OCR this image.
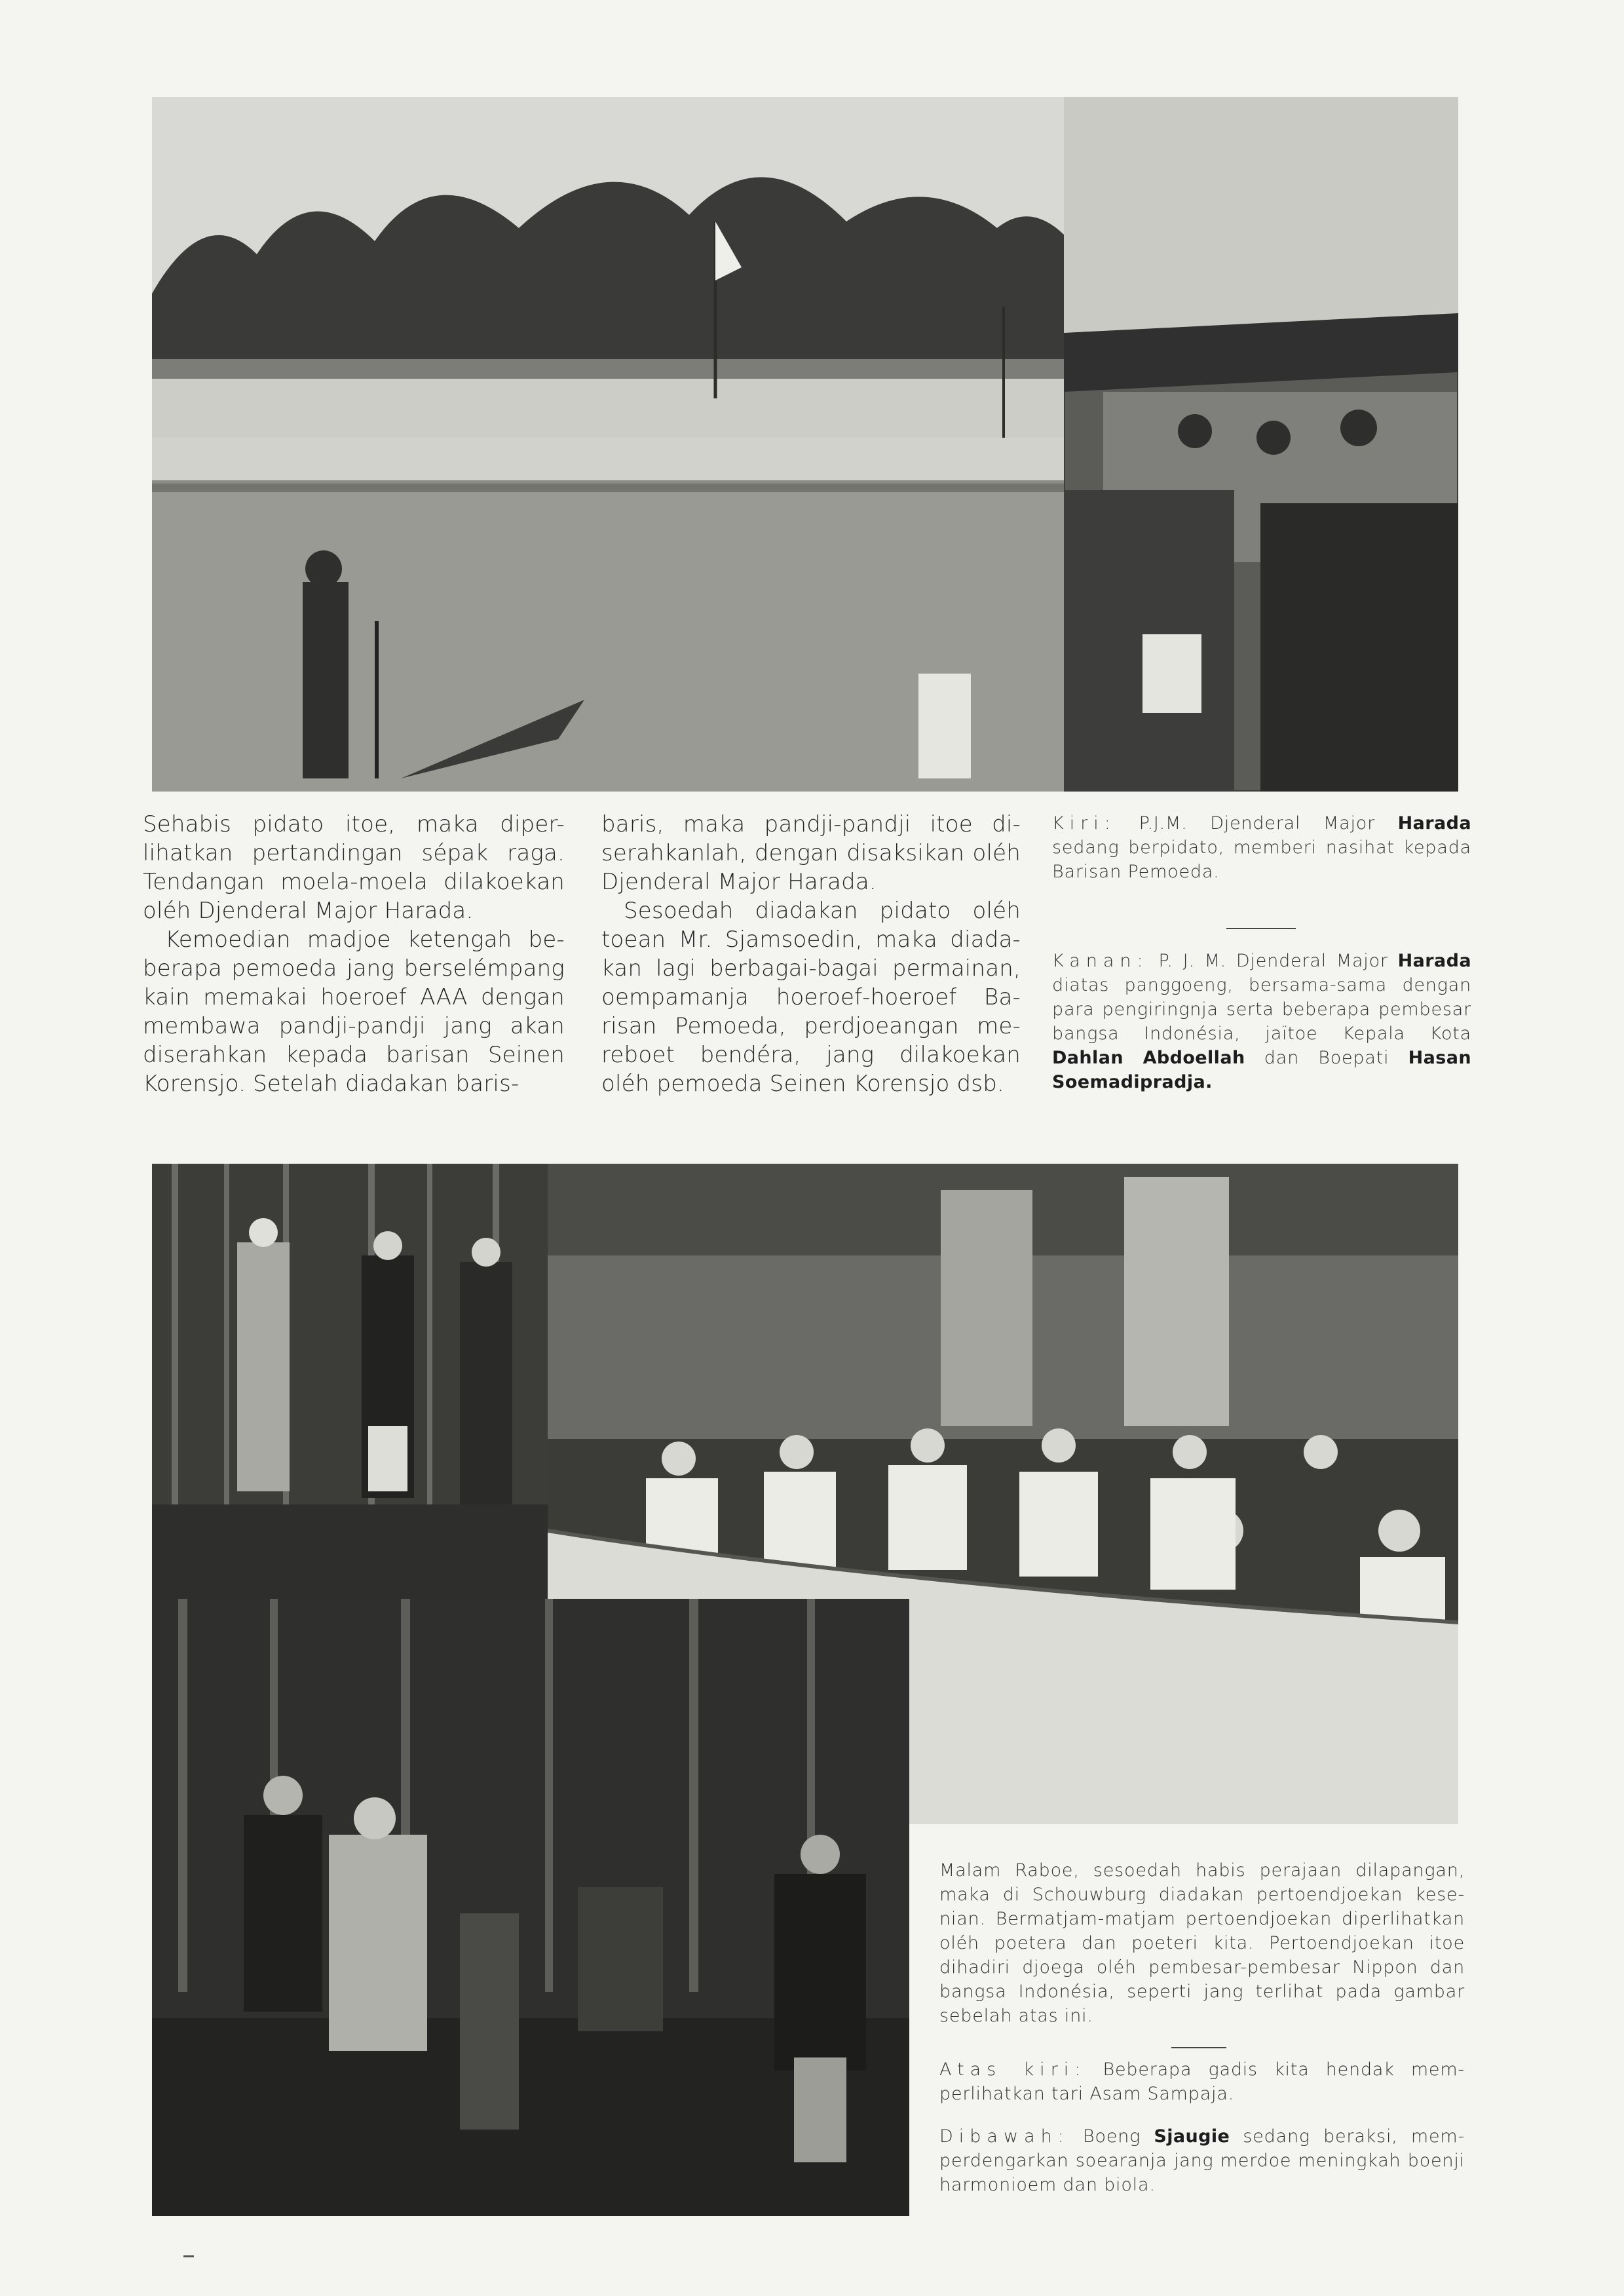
Sehabis pidato itoe, maka diper-lihatkan pertandingan sépak raga. Tendangan moela-moela dilakoekan oléh Djenderal Major Harada.

Kemoedian madjoe ketengah be-berapa pemoeda jang berselémpang kain memakai hoeroef AAA dengan membawa pandji-pandji jang akan diserahkan kepada barisan Seinen Korensjo. Setelah diadakan baris-

baris, maka pandji-pandji itoe di-serahkanlah, dengan disaksikan oléh Djenderal Major Harada.

Sesoedah diadakan pidato oléh toean Mr. Sjamsoedin, maka diada-kan lagi berbagai-bagai permainan, oempamanja hoeroef-hoeroef Ba-risan Pemoeda, perdjoeangan me-reboet bendéra, jang dilakoekan oléh pemoeda Seinen Korensjo dsb.

Kiri: P.J.M. Djenderal Major Harada sedang berpidato, memberi nasihat kepada Barisan Pemoeda.

Kanan: P. J. M. Djenderal Major Harada diatas panggoeng, bersama-sama dengan para pengiringnja serta beberapa pembesar bangsa Indonésia, jaïtoe Kepala Kota Dahlan Abdoellah dan Boepati Hasan Soemadipradja.

Malam Raboe, sesoedah habis perajaan dilapangan, maka di Schouwburg diadakan pertoendjoekan kese-nian. Bermatjam-matjam pertoendjoekan diperlihatkan oléh poetera dan poeteri kita. Pertoendjoekan itoe dihadiri djoega oléh pembesar-pembesar Nippon dan bangsa Indonésia, seperti jang terlihat pada gambar sebelah atas ini.

Atas kiri: Beberapa gadis kita hendak mem-perlihatkan tari Asam Sampaja.

Dibawah: Boeng Sjaugie sedang beraksi, mem-perdengarkan soearanja jang merdoe meningkah boenji harmonioem dan biola.
